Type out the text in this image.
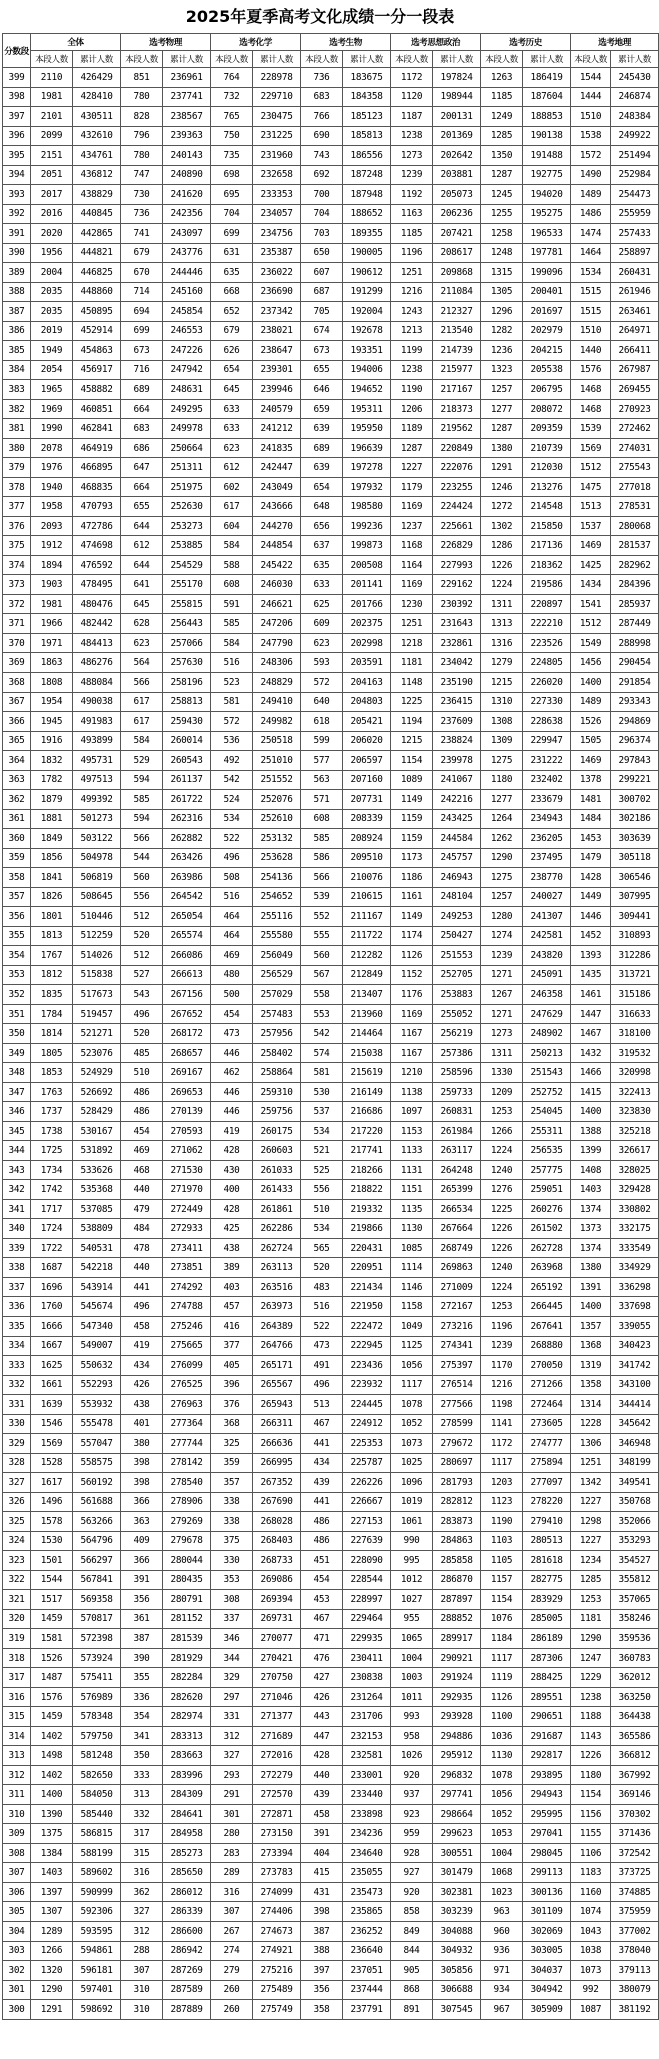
2025年夏季高考文化成绩一分一段表
分数段	全体		选考物理		选考化学		选考生物		选考思想政治		选考历史		选考地理	
	本段人数	累计人数	本段人数	累计人数	本段人数	累计人数	本段人数	累计人数	本段人数	累计人数	本段人数	累计人数	本段人数	累计人数
399	2110	426429	851	236961	764	228978	736	183675	1172	197824	1263	186419	1544	245430
398	1981	428410	780	237741	732	229710	683	184358	1120	198944	1185	187604	1444	246874
397	2101	430511	828	238567	765	230475	766	185123	1187	200131	1249	188853	1510	248384
396	2099	432610	796	239363	750	231225	690	185813	1238	201369	1285	190138	1538	249922
395	2151	434761	780	240143	735	231960	743	186556	1273	202642	1350	191488	1572	251494
394	2051	436812	747	240890	698	232658	692	187248	1239	203881	1287	192775	1490	252984
393	2017	438829	730	241620	695	233353	700	187948	1192	205073	1245	194020	1489	254473
392	2016	440845	736	242356	704	234057	704	188652	1163	206236	1255	195275	1486	255959
391	2020	442865	741	243097	699	234756	703	189355	1185	207421	1258	196533	1474	257433
390	1956	444821	679	243776	631	235387	650	190005	1196	208617	1248	197781	1464	258897
389	2004	446825	670	244446	635	236022	607	190612	1251	209868	1315	199096	1534	260431
388	2035	448860	714	245160	668	236690	687	191299	1216	211084	1305	200401	1515	261946
387	2035	450895	694	245854	652	237342	705	192004	1243	212327	1296	201697	1515	263461
386	2019	452914	699	246553	679	238021	674	192678	1213	213540	1282	202979	1510	264971
385	1949	454863	673	247226	626	238647	673	193351	1199	214739	1236	204215	1440	266411
384	2054	456917	716	247942	654	239301	655	194006	1238	215977	1323	205538	1576	267987
383	1965	458882	689	248631	645	239946	646	194652	1190	217167	1257	206795	1468	269455
382	1969	460851	664	249295	633	240579	659	195311	1206	218373	1277	208072	1468	270923
381	1990	462841	683	249978	633	241212	639	195950	1189	219562	1287	209359	1539	272462
380	2078	464919	686	250664	623	241835	689	196639	1287	220849	1380	210739	1569	274031
379	1976	466895	647	251311	612	242447	639	197278	1227	222076	1291	212030	1512	275543
378	1940	468835	664	251975	602	243049	654	197932	1179	223255	1246	213276	1475	277018
377	1958	470793	655	252630	617	243666	648	198580	1169	224424	1272	214548	1513	278531
376	2093	472786	644	253273	604	244270	656	199236	1237	225661	1302	215850	1537	280068
375	1912	474698	612	253885	584	244854	637	199873	1168	226829	1286	217136	1469	281537
374	1894	476592	644	254529	588	245422	635	200508	1164	227993	1226	218362	1425	282962
373	1903	478495	641	255170	608	246030	633	201141	1169	229162	1224	219586	1434	284396
372	1981	480476	645	255815	591	246621	625	201766	1230	230392	1311	220897	1541	285937
371	1966	482442	628	256443	585	247206	609	202375	1251	231643	1313	222210	1512	287449
370	1971	484413	623	257066	584	247790	623	202998	1218	232861	1316	223526	1549	288998
369	1863	486276	564	257630	516	248306	593	203591	1181	234042	1279	224805	1456	290454
368	1808	488084	566	258196	523	248829	572	204163	1148	235190	1215	226020	1400	291854
367	1954	490038	617	258813	581	249410	640	204803	1225	236415	1310	227330	1489	293343
366	1945	491983	617	259430	572	249982	618	205421	1194	237609	1308	228638	1526	294869
365	1916	493899	584	260014	536	250518	599	206020	1215	238824	1309	229947	1505	296374
364	1832	495731	529	260543	492	251010	577	206597	1154	239978	1275	231222	1469	297843
363	1782	497513	594	261137	542	251552	563	207160	1089	241067	1180	232402	1378	299221
362	1879	499392	585	261722	524	252076	571	207731	1149	242216	1277	233679	1481	300702
361	1881	501273	594	262316	534	252610	608	208339	1159	243425	1264	234943	1484	302186
360	1849	503122	566	262882	522	253132	585	208924	1159	244584	1262	236205	1453	303639
359	1856	504978	544	263426	496	253628	586	209510	1173	245757	1290	237495	1479	305118
358	1841	506819	560	263986	508	254136	566	210076	1186	246943	1275	238770	1428	306546
357	1826	508645	556	264542	516	254652	539	210615	1161	248104	1257	240027	1449	307995
356	1801	510446	512	265054	464	255116	552	211167	1149	249253	1280	241307	1446	309441
355	1813	512259	520	265574	464	255580	555	211722	1174	250427	1274	242581	1452	310893
354	1767	514026	512	266086	469	256049	560	212282	1126	251553	1239	243820	1393	312286
353	1812	515838	527	266613	480	256529	567	212849	1152	252705	1271	245091	1435	313721
352	1835	517673	543	267156	500	257029	558	213407	1176	253883	1267	246358	1461	315186
351	1784	519457	496	267652	454	257483	553	213960	1169	255052	1271	247629	1447	316633
350	1814	521271	520	268172	473	257956	542	214464	1167	256219	1273	248902	1467	318100
349	1805	523076	485	268657	446	258402	574	215038	1167	257386	1311	250213	1432	319532
348	1853	524929	510	269167	462	258864	581	215619	1210	258596	1330	251543	1466	320998
347	1763	526692	486	269653	446	259310	530	216149	1138	259733	1209	252752	1415	322413
346	1737	528429	486	270139	446	259756	537	216686	1097	260831	1253	254045	1400	323830
345	1738	530167	454	270593	419	260175	534	217220	1153	261984	1266	255311	1388	325218
344	1725	531892	469	271062	428	260603	521	217741	1133	263117	1224	256535	1399	326617
343	1734	533626	468	271530	430	261033	525	218266	1131	264248	1240	257775	1408	328025
342	1742	535368	440	271970	400	261433	556	218822	1151	265399	1276	259051	1403	329428
341	1717	537085	479	272449	428	261861	510	219332	1135	266534	1225	260276	1374	330802
340	1724	538809	484	272933	425	262286	534	219866	1130	267664	1226	261502	1373	332175
339	1722	540531	478	273411	438	262724	565	220431	1085	268749	1226	262728	1374	333549
338	1687	542218	440	273851	389	263113	520	220951	1114	269863	1240	263968	1380	334929
337	1696	543914	441	274292	403	263516	483	221434	1146	271009	1224	265192	1391	336298
336	1760	545674	496	274788	457	263973	516	221950	1158	272167	1253	266445	1400	337698
335	1666	547340	458	275246	416	264389	522	222472	1049	273216	1196	267641	1357	339055
334	1667	549007	419	275665	377	264766	473	222945	1125	274341	1239	268880	1368	340423
333	1625	550632	434	276099	405	265171	491	223436	1056	275397	1170	270050	1319	341742
332	1661	552293	426	276525	396	265567	496	223932	1117	276514	1216	271266	1358	343100
331	1639	553932	438	276963	376	265943	513	224445	1078	277566	1198	272464	1314	344414
330	1546	555478	401	277364	368	266311	467	224912	1052	278599	1141	273605	1228	345642
329	1569	557047	380	277744	325	266636	441	225353	1073	279672	1172	274777	1306	346948
328	1528	558575	398	278142	359	266995	434	225787	1025	280697	1117	275894	1251	348199
327	1617	560192	398	278540	357	267352	439	226226	1096	281793	1203	277097	1342	349541
326	1496	561688	366	278906	338	267690	441	226667	1019	282812	1123	278220	1227	350768
325	1578	563266	363	279269	338	268028	486	227153	1061	283873	1190	279410	1298	352066
324	1530	564796	409	279678	375	268403	486	227639	990	284863	1103	280513	1227	353293
323	1501	566297	366	280044	330	268733	451	228090	995	285858	1105	281618	1234	354527
322	1544	567841	391	280435	353	269086	454	228544	1012	286870	1157	282775	1285	355812
321	1517	569358	356	280791	308	269394	453	228997	1027	287897	1154	283929	1253	357065
320	1459	570817	361	281152	337	269731	467	229464	955	288852	1076	285005	1181	358246
319	1581	572398	387	281539	346	270077	471	229935	1065	289917	1184	286189	1290	359536
318	1526	573924	390	281929	344	270421	476	230411	1004	290921	1117	287306	1247	360783
317	1487	575411	355	282284	329	270750	427	230838	1003	291924	1119	288425	1229	362012
316	1576	576989	336	282620	297	271046	426	231264	1011	292935	1126	289551	1238	363250
315	1459	578348	354	282974	331	271377	443	231706	993	293928	1100	290651	1188	364438
314	1402	579750	341	283313	312	271689	447	232153	958	294886	1036	291687	1143	365586
313	1498	581248	350	283663	327	272016	428	232581	1026	295912	1130	292817	1226	366812
312	1402	582650	333	283996	293	272279	440	233001	920	296832	1078	293895	1180	367992
311	1400	584050	313	284309	291	272570	439	233440	937	297741	1056	294943	1154	369146
310	1390	585440	332	284641	301	272871	458	233898	923	298664	1052	295995	1156	370302
309	1375	586815	317	284958	280	273150	391	234236	959	299623	1053	297041	1155	371436
308	1384	588199	315	285273	283	273394	404	234640	928	300551	1004	298045	1106	372542
307	1403	589602	316	285650	289	273783	415	235055	927	301479	1068	299113	1183	373725
306	1397	590999	362	286012	316	274099	431	235473	920	302381	1023	300136	1160	374885
305	1307	592306	327	286339	307	274406	398	235865	858	303239	963	301109	1074	375959
304	1289	593595	312	286600	267	274673	387	236252	849	304088	960	302069	1043	377002
303	1266	594861	288	286942	274	274921	388	236640	844	304932	936	303005	1038	378040
302	1320	596181	307	287269	279	275216	397	237051	905	305856	971	304037	1073	379113
301	1290	597401	310	287589	260	275489	356	237444	868	306688	934	304942	992	380079
300	1291	598692	310	287889	260	275749	358	237791	891	307545	967	305909	1087	381192
